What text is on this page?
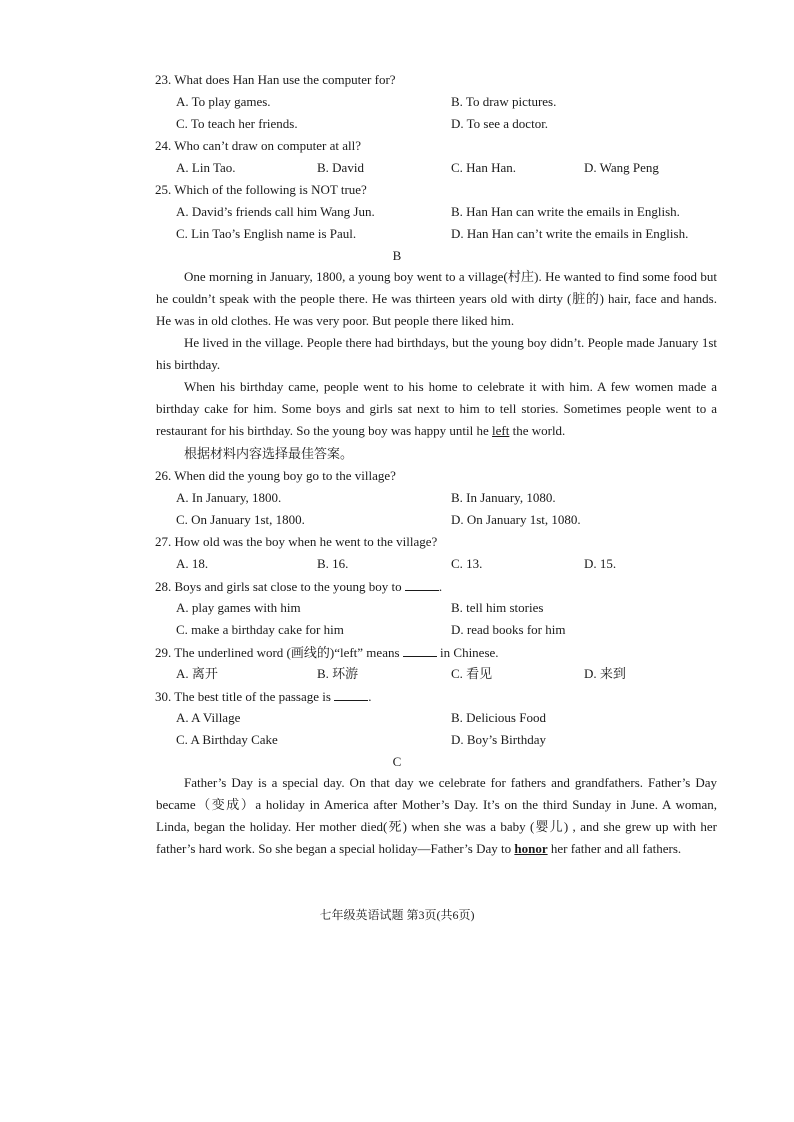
23. What does Han Han use the computer for?
A. To play games.	B. To draw pictures.
C. To teach her friends.	D. To see a doctor.
24. Who can’t draw on computer at all?
A. Lin Tao.	B. David	C. Han Han.	D. Wang Peng
25. Which of the following is NOT true?
A. David’s friends call him Wang Jun.	B. Han Han can write the emails in English.
C. Lin Tao’s English name is Paul.	D. Han Han can’t write the emails in English.
B
One morning in January, 1800, a young boy went to a village(村庄). He wanted to find some food but he couldn’t speak with the people there. He was thirteen years old with dirty (脏的) hair, face and hands. He was in old clothes. He was very poor. But people there liked him.
He lived in the village. People there had birthdays, but the young boy didn’t. People made January 1st his birthday.
When his birthday came, people went to his home to celebrate it with him. A few women made a birthday cake for him. Some boys and girls sat next to him to tell stories. Sometimes people went to a restaurant for his birthday. So the young boy was happy until he left the world.
根据材料内容选择最佳答案。
26. When did the young boy go to the village?
A. In January, 1800.	B. In January, 1080.
C. On January 1st, 1800.	D. On January 1st, 1080.
27. How old was the boy when he went to the village?
A. 18.	B. 16.	C. 13.	D. 15.
28. Boys and girls sat close to the young boy to	.
A. play games with him	B. tell him stories
C. make a birthday cake for him	D. read books for him
29. The underlined word (画线的)“left” means	in Chinese.
A. 离开	B. 环游	C. 看见	D. 来到
30. The best title of the passage is	.
A. A Village	B. Delicious Food
C. A Birthday Cake	D. Boy’s Birthday
C
Father’s Day is a special day. On that day we celebrate for fathers and grandfathers. Father’s Day became（变成）a holiday in America after Mother’s Day. It’s on the third Sunday in June. A woman, Linda, began the holiday. Her mother died(死) when she was a baby (婴儿) , and she grew up with her father’s hard work. So she began a special holiday—Father’s Day to honor her father and all fathers.
七年级英语试题 第3页(共6页)
